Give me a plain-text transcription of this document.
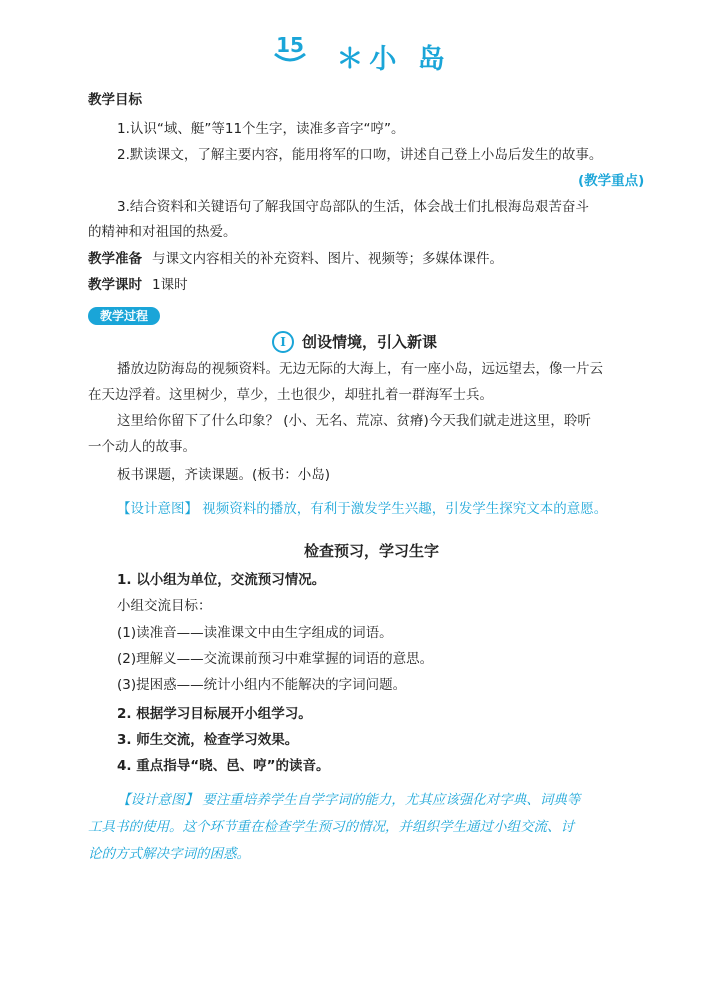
15 ＊小 岛
教学目标
1.认识“域、艇”等11个生字，读准多音字“哼”。
2.默读课文，了解主要内容，能用将军的口吻，讲述自己登上小岛后发生的故事。
(教学重点)
3.结合资料和关键语句了解我国守岛部队的生活，体会战士们扎根海岛艰苦奋斗
的精神和对祖国的热爱。
教学准备 与课文内容相关的补充资料、图片、视频等；多媒体课件。
教学课时 1课时
教学过程
I 创设情境，引入新课
播放边防海岛的视频资料。无边无际的大海上，有一座小岛，远远望去，像一片云
在天边浮着。这里树少，草少，土也很少，却驻扎着一群海军士兵。
这里给你留下了什么印象？ (小、无名、荒凉、贫瘠)今天我们就走进这里，聆听
一个动人的故事。
板书课题，齐读课题。(板书：小岛)
【设计意图】 视频资料的播放，有利于激发学生兴趣，引发学生探究文本的意愿。
检查预习，学习生字
1. 以小组为单位，交流预习情况。
小组交流目标：
(1)读准音——读准课文中由生字组成的词语。
(2)理解义——交流课前预习中难掌握的词语的意思。
(3)提困惑——统计小组内不能解决的字词问题。
2. 根据学习目标展开小组学习。
3. 师生交流，检查学习效果。
4. 重点指导“晓、邑、哼”的读音。
【设计意图】 要注重培养学生自学字词的能力，尤其应该强化对字典、词典等
工具书的使用。这个环节重在检查学生预习的情况，并组织学生通过小组交流、讨
论的方式解决字词的困惑。
